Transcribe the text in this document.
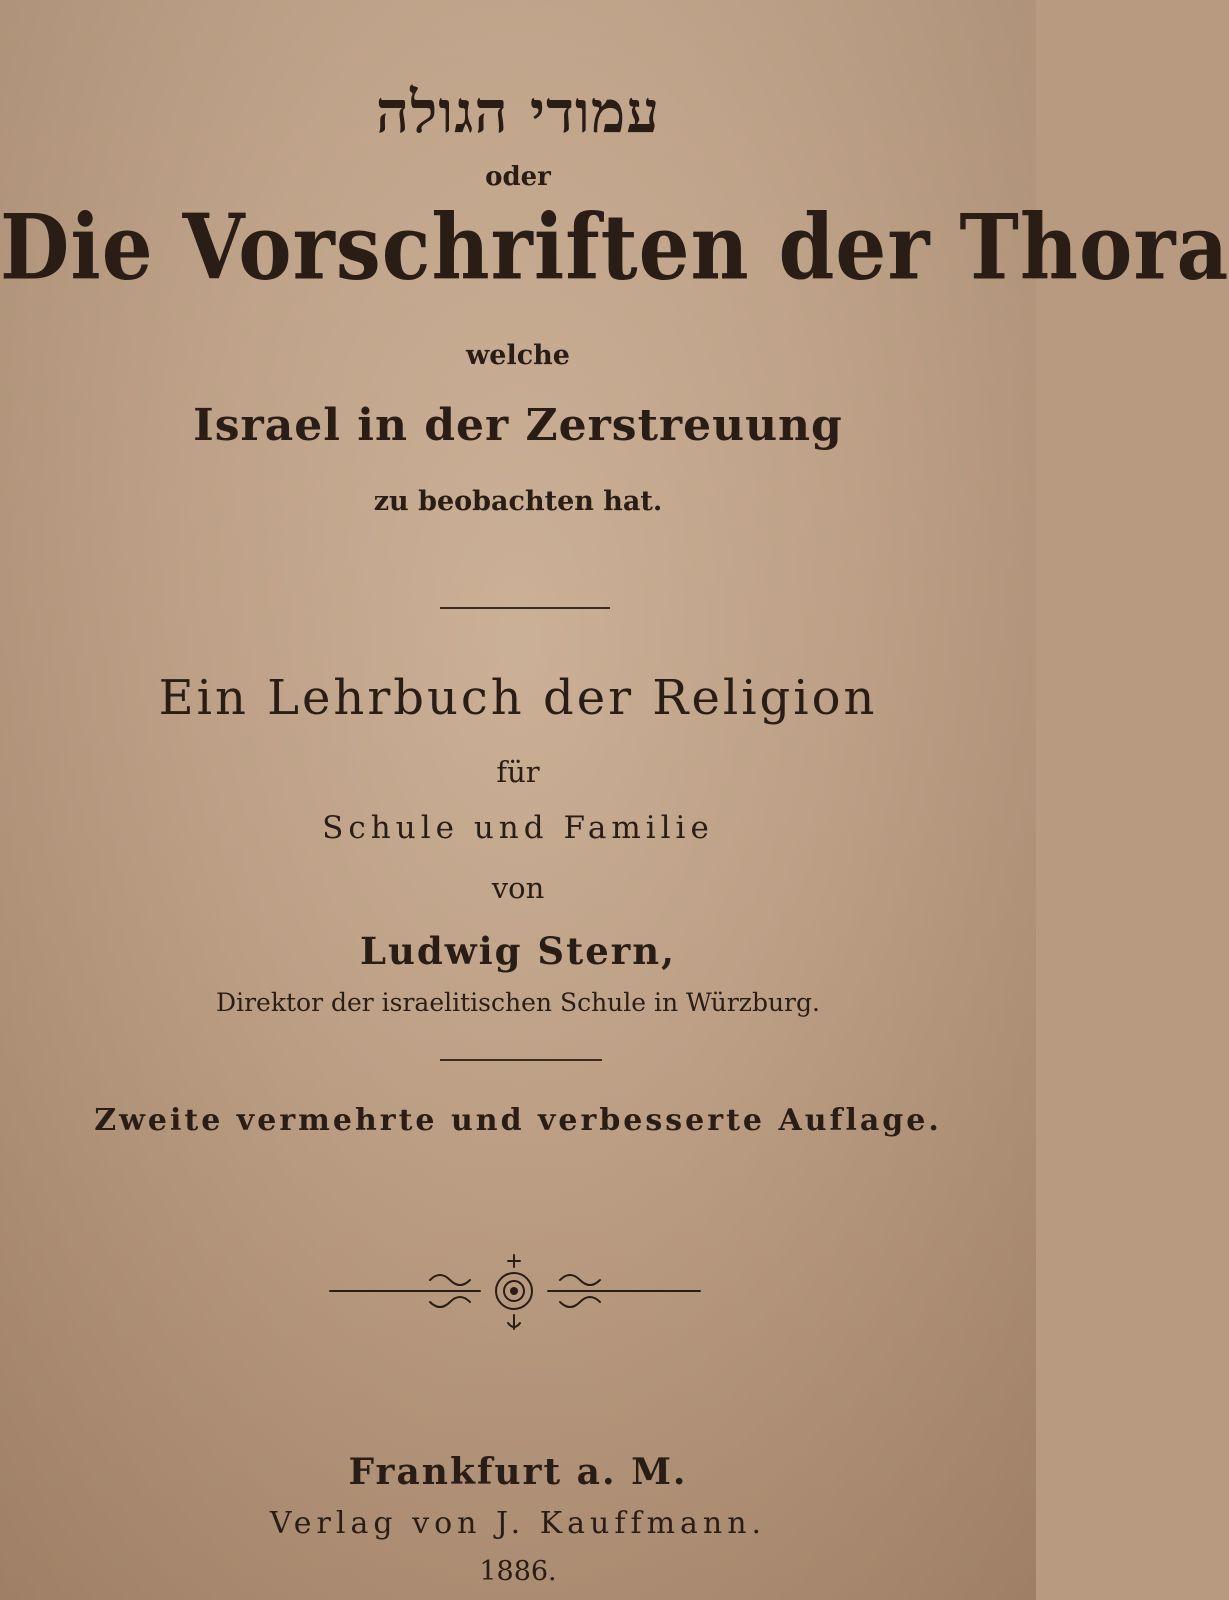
עמודי הגולה
oder
Die Vorschriften der Thora
welche
Israel in der Zerstreuung
zu beobachten hat.
Ein Lehrbuch der Religion
für
Schule und Familie
von
Ludwig Stern,
Direktor der israelitischen Schule in Würzburg.
Zweite vermehrte und verbesserte Auflage.
Frankfurt a. M.
Verlag von J. Kauffmann.
1886.
